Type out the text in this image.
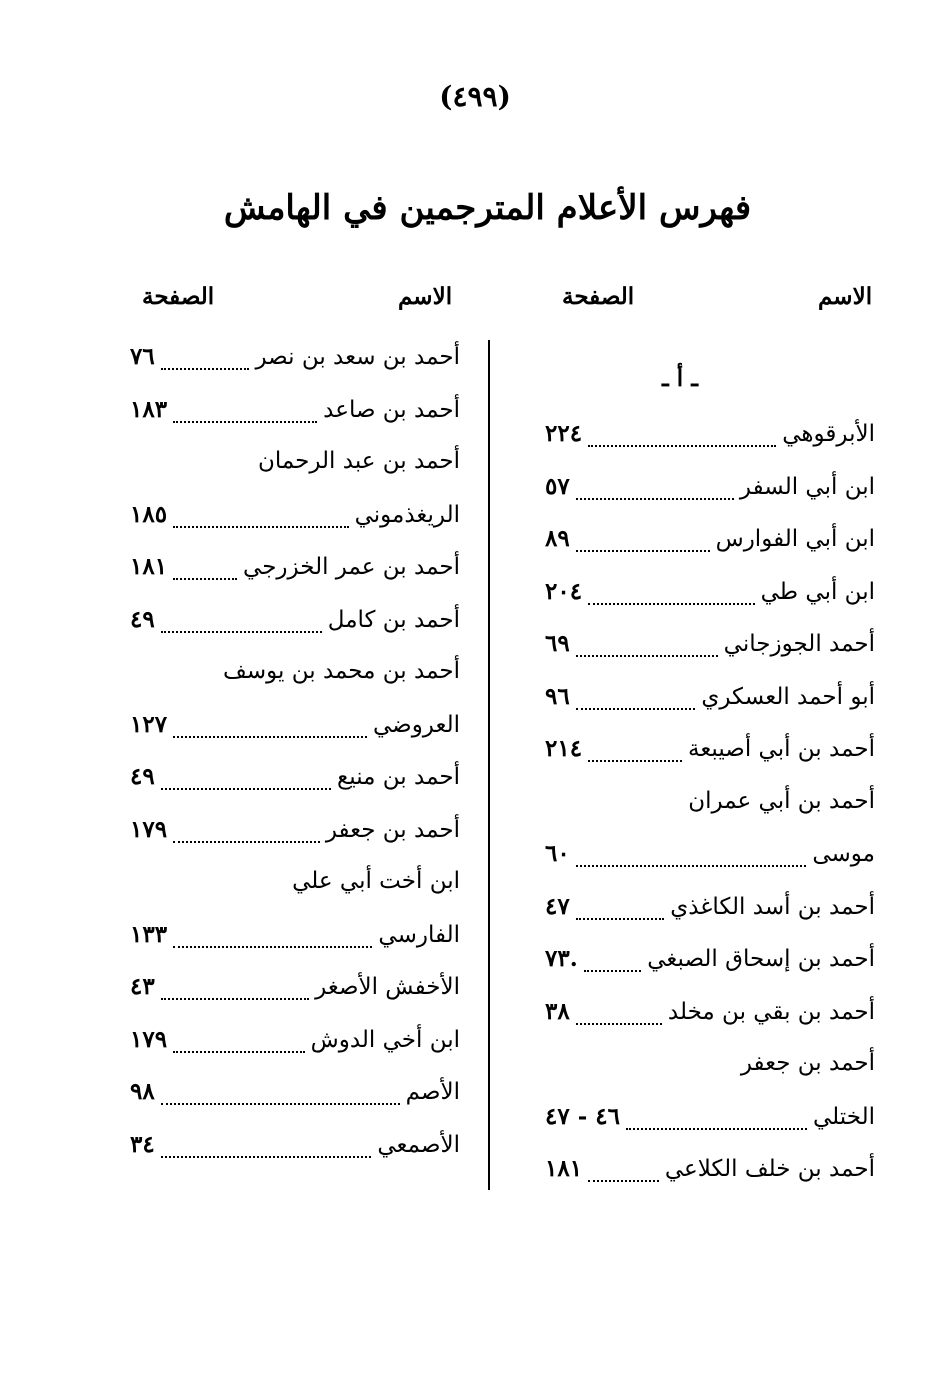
(٤٩٩)
فهرس الأعلام المترجمين في الهامش
الاسم
الصفحة
الاسم
الصفحة
ـ أ ـ
الأبرقوهي
٢٢٤
ابن أبي السفر
٥٧
ابن أبي الفوارس
٨٩
ابن أبي طي
٢٠٤
أحمد الجوزجاني
٦٩
أبو أحمد العسكري
٩٦
أحمد بن أبي أصيبعة
٢١٤
أحمد بن أبي عمران
موسى
٦٠
أحمد بن أسد الكاغذي
٤٧
أحمد بن إسحاق الصبغي
.٧٣
أحمد بن بقي بن مخلد
٣٨
أحمد بن جعفر
الختلي
٤٦ - ٤٧
أحمد بن خلف الكلاعي
١٨١
أحمد بن سعد بن نصر
٧٦
أحمد بن صاعد
١٨٣
أحمد بن عبد الرحمان
الريغذموني
١٨٥
أحمد بن عمر الخزرجي
١٨١
أحمد بن كامل
٤٩
أحمد بن محمد بن يوسف
العروضي
١٢٧
أحمد بن منيع
٤٩
أحمد بن جعفر
١٧٩
ابن أخت أبي علي
الفارسي
١٣٣
الأخفش الأصغر
٤٣
ابن أخي الدوش
١٧٩
الأصم
٩٨
الأصمعي
٣٤
